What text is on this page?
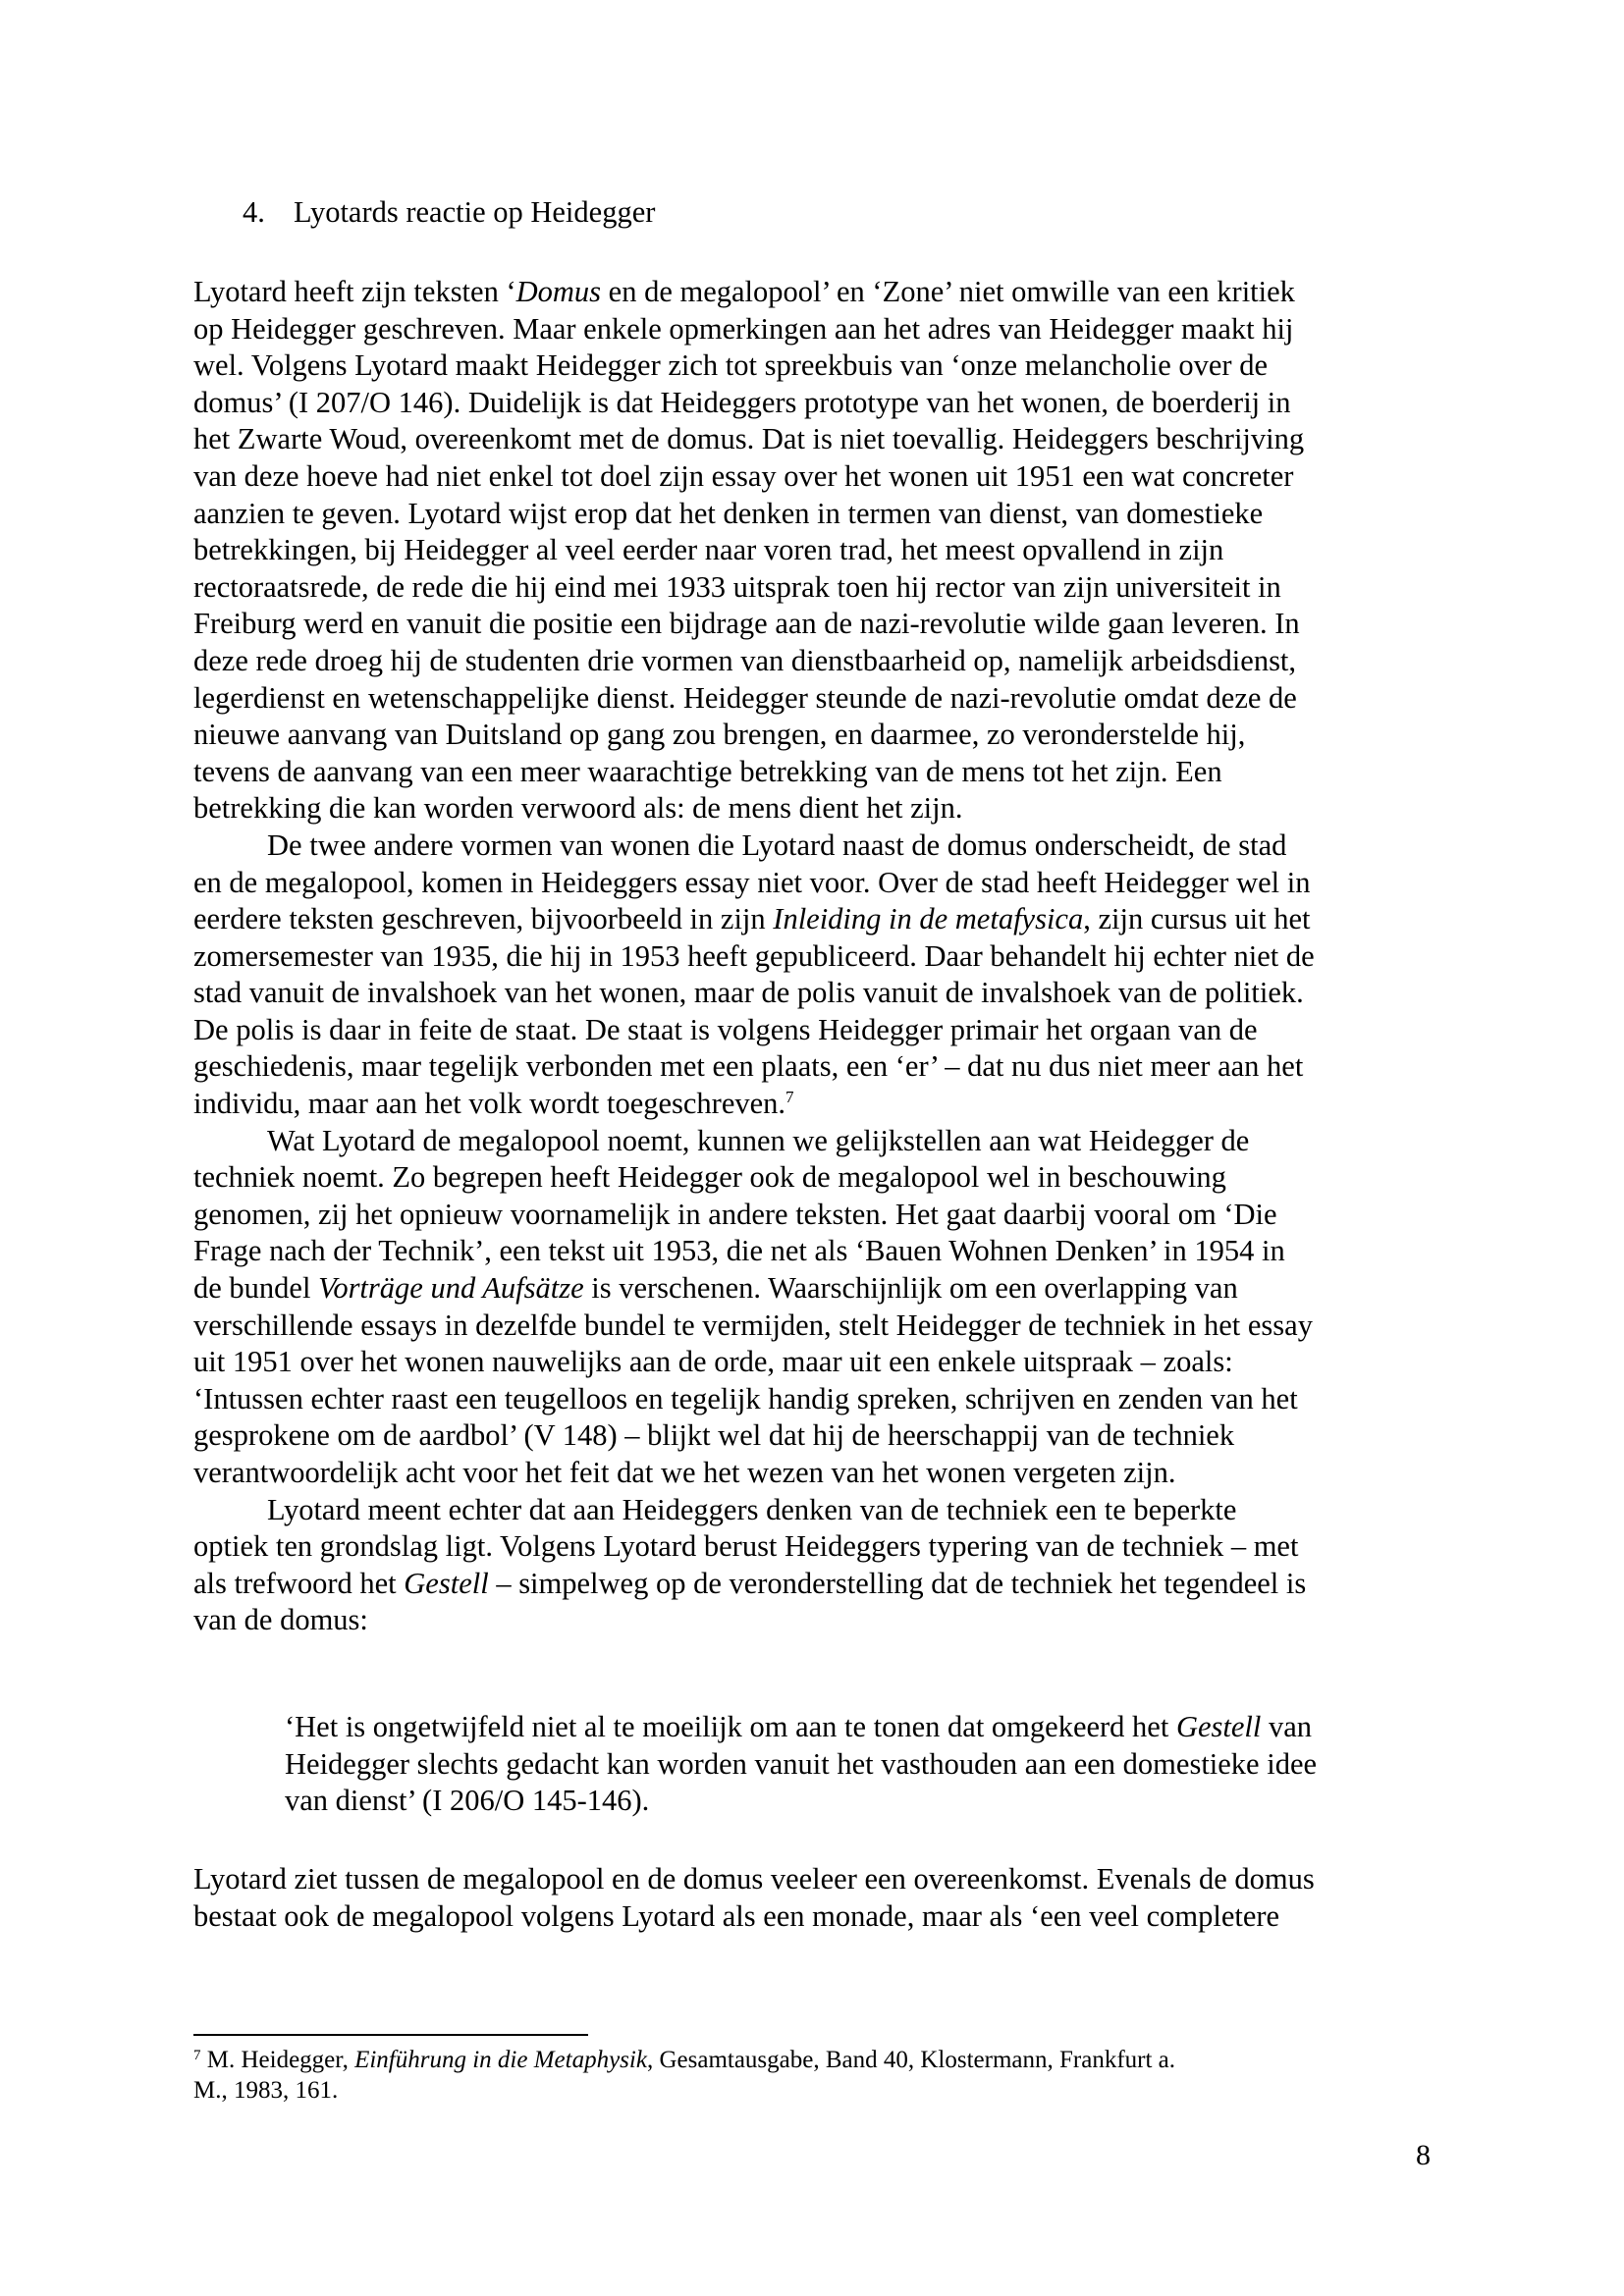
4. Lyotards reactie op Heidegger
Lyotard heeft zijn teksten ‘Domus en de megalopool’ en ‘Zone’ niet omwille van een kritiek
op Heidegger geschreven. Maar enkele opmerkingen aan het adres van Heidegger maakt hij
wel. Volgens Lyotard maakt Heidegger zich tot spreekbuis van ‘onze melancholie over de
domus’ (I 207/O 146). Duidelijk is dat Heideggers prototype van het wonen, de boerderij in
het Zwarte Woud, overeenkomt met de domus. Dat is niet toevallig. Heideggers beschrijving
van deze hoeve had niet enkel tot doel zijn essay over het wonen uit 1951 een wat concreter
aanzien te geven. Lyotard wijst erop dat het denken in termen van dienst, van domestieke
betrekkingen, bij Heidegger al veel eerder naar voren trad, het meest opvallend in zijn
rectoraatsrede, de rede die hij eind mei 1933 uitsprak toen hij rector van zijn universiteit in
Freiburg werd en vanuit die positie een bijdrage aan de nazi-revolutie wilde gaan leveren. In
deze rede droeg hij de studenten drie vormen van dienstbaarheid op, namelijk arbeidsdienst,
legerdienst en wetenschappelijke dienst. Heidegger steunde de nazi-revolutie omdat deze de
nieuwe aanvang van Duitsland op gang zou brengen, en daarmee, zo veronderstelde hij,
tevens de aanvang van een meer waarachtige betrekking van de mens tot het zijn. Een
betrekking die kan worden verwoord als: de mens dient het zijn.
De twee andere vormen van wonen die Lyotard naast de domus onderscheidt, de stad
en de megalopool, komen in Heideggers essay niet voor. Over de stad heeft Heidegger wel in
eerdere teksten geschreven, bijvoorbeeld in zijn Inleiding in de metafysica, zijn cursus uit het
zomersemester van 1935, die hij in 1953 heeft gepubliceerd. Daar behandelt hij echter niet de
stad vanuit de invalshoek van het wonen, maar de polis vanuit de invalshoek van de politiek.
De polis is daar in feite de staat. De staat is volgens Heidegger primair het orgaan van de
geschiedenis, maar tegelijk verbonden met een plaats, een ‘er’ – dat nu dus niet meer aan het
individu, maar aan het volk wordt toegeschreven.$^7$
Wat Lyotard de megalopool noemt, kunnen we gelijkstellen aan wat Heidegger de
techniek noemt. Zo begrepen heeft Heidegger ook de megalopool wel in beschouwing
genomen, zij het opnieuw voornamelijk in andere teksten. Het gaat daarbij vooral om ‘Die
Frage nach der Technik’, een tekst uit 1953, die net als ‘Bauen Wohnen Denken’ in 1954 in
de bundel Vorträge und Aufsätze is verschenen. Waarschijnlijk om een overlapping van
verschillende essays in dezelfde bundel te vermijden, stelt Heidegger de techniek in het essay
uit 1951 over het wonen nauwelijks aan de orde, maar uit een enkele uitspraak – zoals:
‘Intussen echter raast een teugelloos en tegelijk handig spreken, schrijven en zenden van het
gesprokene om de aardbol’ (V 148) – blijkt wel dat hij de heerschappij van de techniek
verantwoordelijk acht voor het feit dat we het wezen van het wonen vergeten zijn.
Lyotard meent echter dat aan Heideggers denken van de techniek een te beperkte
optiek ten grondslag ligt. Volgens Lyotard berust Heideggers typering van de techniek – met
als trefwoord het Gestell – simpelweg op de veronderstelling dat de techniek het tegendeel is
van de domus:
‘Het is ongetwijfeld niet al te moeilijk om aan te tonen dat omgekeerd het Gestell van
Heidegger slechts gedacht kan worden vanuit het vasthouden aan een domestieke idee
van dienst’ (I 206/O 145-146).
Lyotard ziet tussen de megalopool en de domus veeleer een overeenkomst. Evenals de domus
bestaat ook de megalopool volgens Lyotard als een monade, maar als ‘een veel completere
$^7$ M. Heidegger, Einführung in die Metaphysik, Gesamtausgabe, Band 40, Klostermann, Frankfurt a.
M., 1983, 161.
8
